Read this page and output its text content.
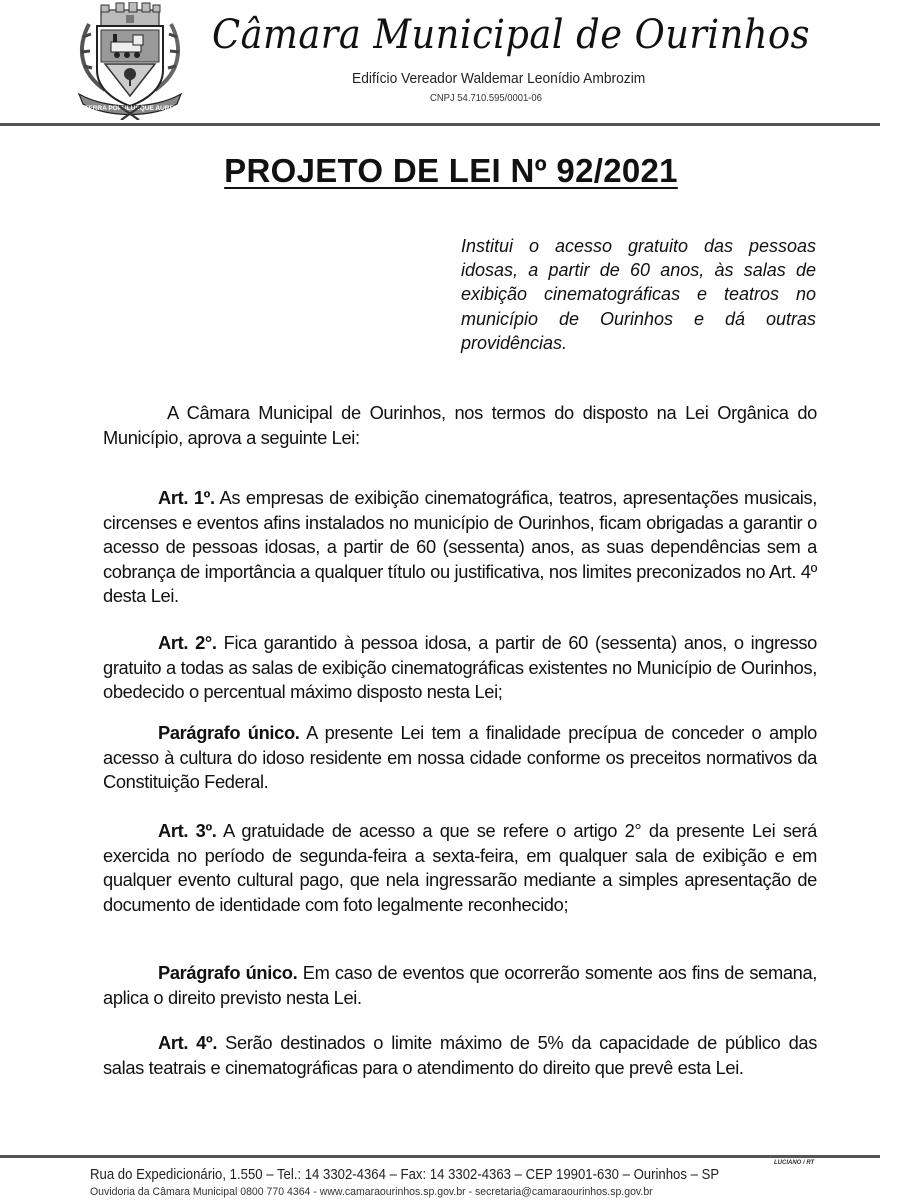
TERRA POPULUSQUE AUREI
Câmara Municipal de Ourinhos
Edifício Vereador Waldemar Leonídio Ambrozim
CNPJ 54.710.595/0001-06
PROJETO DE LEI Nº 92/2021
Institui o acesso gratuito das pessoas idosas, a partir de 60 anos, às salas de exibição cinematográficas e teatros no município de Ourinhos e dá outras providências.
A Câmara Municipal de Ourinhos, nos termos do disposto na Lei Orgânica do Município, aprova a seguinte Lei:
Art. 1º. As empresas de exibição cinematográfica, teatros, apresentações musicais, circenses e eventos afins instalados no município de Ourinhos, ficam obrigadas a garantir o acesso de pessoas idosas, a partir de 60 (sessenta) anos, as suas dependências sem a cobrança de importância a qualquer título ou justificativa, nos limites preconizados no Art. 4º desta Lei.
Art. 2°. Fica garantido à pessoa idosa, a partir de 60 (sessenta) anos, o ingresso gratuito a todas as salas de exibição cinematográficas existentes no Município de Ourinhos, obedecido o percentual máximo disposto nesta Lei;
Parágrafo único. A presente Lei tem a finalidade precípua de conceder o amplo acesso à cultura do idoso residente em nossa cidade conforme os preceitos normativos da Constituição Federal.
Art. 3º. A gratuidade de acesso a que se refere o artigo 2° da presente Lei será exercida no período de segunda-feira a sexta-feira, em qualquer sala de exibição e em qualquer evento cultural pago, que nela ingressarão mediante a simples apresentação de documento de identidade com foto legalmente reconhecido;
Parágrafo único. Em caso de eventos que ocorrerão somente aos fins de semana, aplica o direito previsto nesta Lei.
Art. 4º. Serão destinados o limite máximo de 5% da capacidade de público das salas teatrais e cinematográficas para o atendimento do direito que prevê esta Lei.
LUCIANO / RT
Rua do Expedicionário, 1.550 – Tel.: 14 3302-4364 – Fax: 14 3302-4363 – CEP 19901-630 – Ourinhos – SP
Ouvidoria da Câmara Municipal 0800 770 4364 - www.camaraourinhos.sp.gov.br - secretaria@camaraourinhos.sp.gov.br
